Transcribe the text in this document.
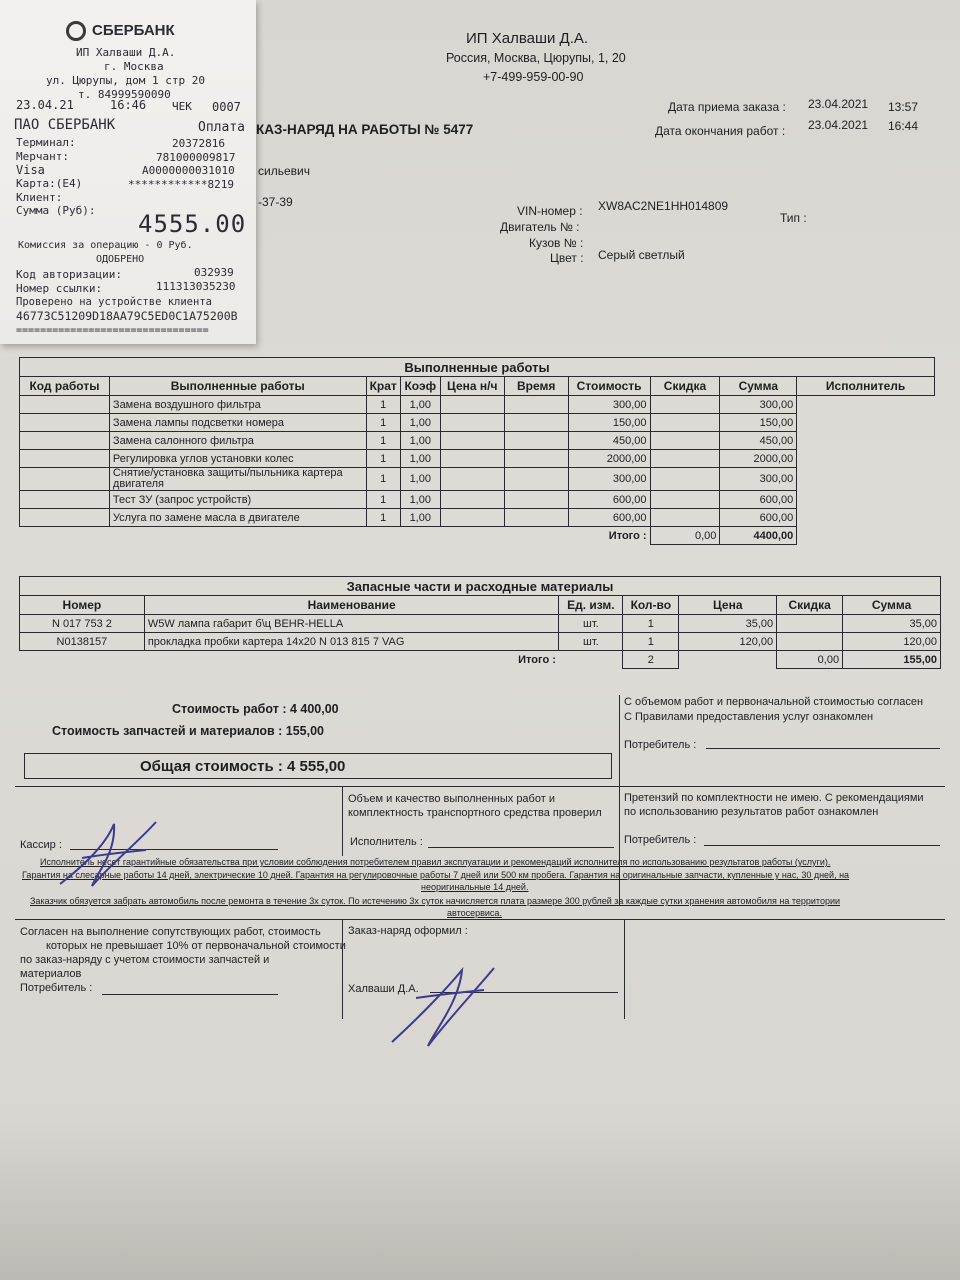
ИП Халваши Д.А.
Россия, Москва, Цюрупы, 1, 20
+7-499-959-00-90
Дата приема заказа : 23.04.2021 13:57
Дата окончания работ : 23.04.2021 16:44
КАЗ-НАРЯД НА РАБОТЫ № 5477
сильевич
-37-39
VIN-номер : XW8AC2NE1HH014809
Тип :
Двигатель № :
Кузов № :
Цвет : Серый светлый
Выполненные работы									
Код работы	Выполненные работы	Крат	Коэф	Цена н/ч	Время	Стоимость	Скидка	Сумма	Исполнитель
	Замена воздушного фильтра	1	1,00			300,00		300,00	
	Замена лампы подсветки номера	1	1,00			150,00		150,00	
	Замена салонного фильтра	1	1,00			450,00		450,00	
	Регулировка углов установки колес	1	1,00			2000,00		2000,00	
	Снятие/установка защиты/пыльника картера двигателя	1	1,00			300,00		300,00	
	Тест ЗУ (запрос устройств)	1	1,00			600,00		600,00	
	Услуга по замене масла в двигателе	1	1,00			600,00		600,00	
						Итого :	0,00	4400,00	
Запасные части и расходные материалы						
Номер	Наименование	Ед. изм.	Кол-во	Цена	Скидка	Сумма
N 017 753 2	W5W лампа габарит б\ц BEHR-HELLA	шт.	1	35,00		35,00
N0138157	прокладка пробки картера 14x20 N 013 815 7 VAG	шт.	1	120,00		120,00
	Итого :		2		0,00	155,00
Стоимость работ : 4 400,00
Стоимость запчастей и материалов : 155,00
Общая стоимость : 4 555,00
С объемом работ и первоначальной стоимостью согласен
С Правилами предоставления услуг ознакомлен
Потребитель :
Объем и качество выполненных работ и
комплектность транспортного средства проверил
Исполнитель :
Претензий по комплектности не имею. С рекомендациями
по использованию результатов работ ознакомлен
Потребитель :
Кассир :
Исполнитель несет гарантийные обязательства при условии соблюдения потребителем правил эксплуатации и рекомендаций исполнителя по использованию результатов работы (услуги).
Гарантия на слесарные работы 14 дней, электрические 10 дней. Гарантия на регулировочные работы 7 дней или 500 км пробега. Гарантия на оригинальные запчасти, купленные у нас, 30 дней, на
неоригинальные 14 дней.
Заказчик обязуется забрать автомобиль после ремонта в течение 3х суток. По истечению 3х суток начисляется плата размере 300 рублей за каждые сутки хранения автомобиля на территории
автосервиса.
Согласен на выполнение сопутствующих работ, стоимость
которых не превышает 10% от первоначальной стоимости
по заказ-наряду с учетом стоимости запчастей и
материалов
Потребитель :
Заказ-наряд оформил :
Халваши Д.А.
СБЕРБАНК
ИП Халваши Д.А.
г. Москва
ул. Цюрупы, дом 1 стр 20
т. 84999590090
23.04.21	16:46 ЧЕК 0007
ПАО СБЕРБАНК	Оплата
Терминал:	20372816
Мерчант:	781000009817
Visa	A0000000031010
Карта:(E4)	************8219
Клиент:
Сумма (Руб): 4555.00
Комиссия за операцию - 0 Руб.
ОДОБРЕНО
Код авторизации:	032939
Номер ссылки:	111313035230
Проверено на устройстве клиента
46773C51209D18AA79C5ED0C1A75200B
================================
